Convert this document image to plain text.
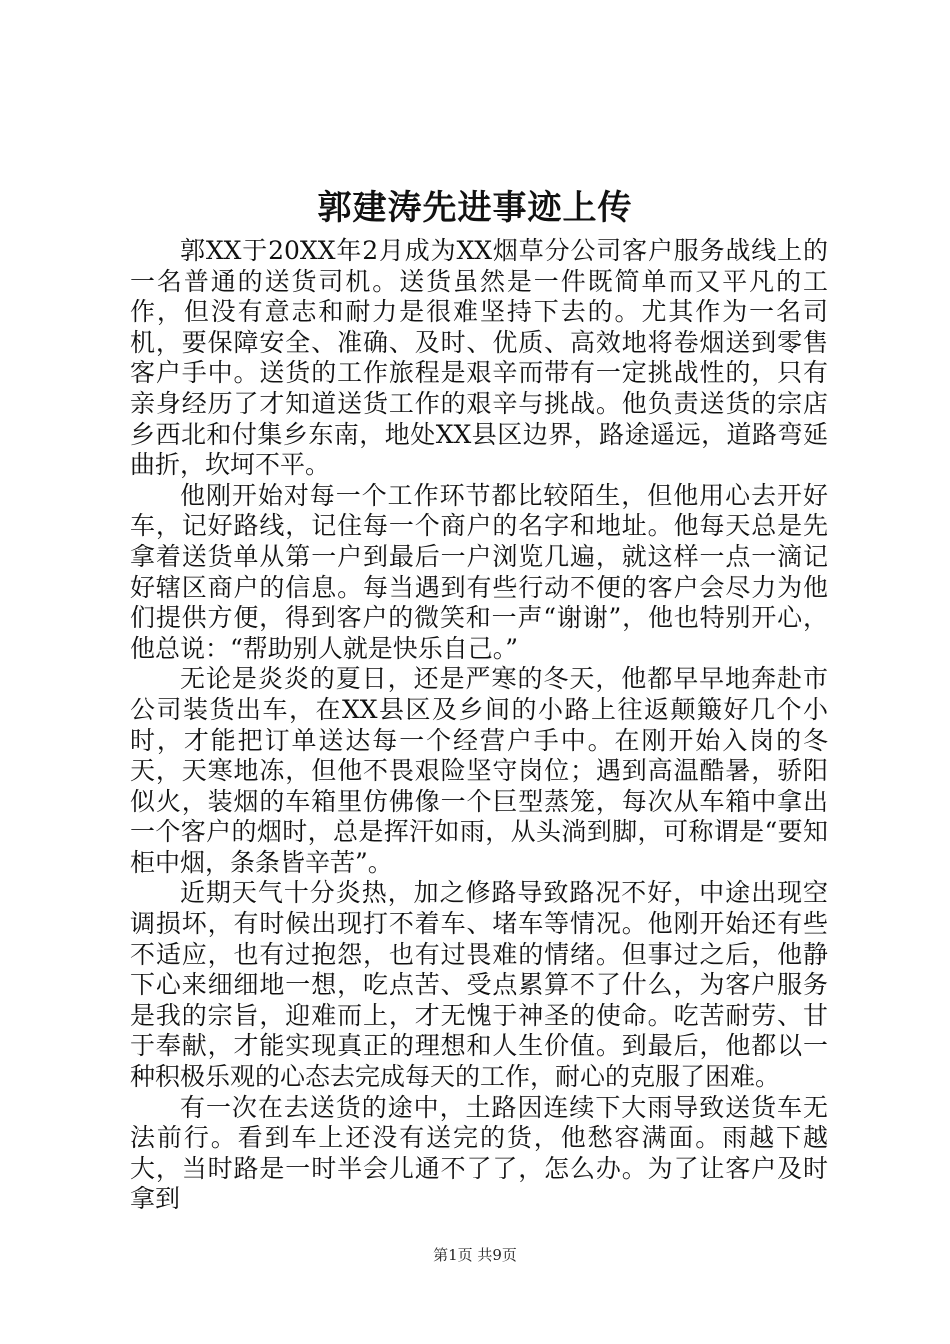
郭建涛先进事迹上传

郭XX于20XX年2月成为XX烟草分公司客户服务战线上的一名普通的送货司机。送货虽然是一件既简单而又平凡的工作，但没有意志和耐力是很难坚持下去的。尤其作为一名司机，要保障安全、准确、及时、优质、高效地将卷烟送到零售客户手中。送货的工作旅程是艰辛而带有一定挑战性的，只有亲身经历了才知道送货工作的艰辛与挑战。他负责送货的宗店乡西北和付集乡东南，地处XX县区边界，路途遥远，道路弯延曲折，坎坷不平。

他刚开始对每一个工作环节都比较陌生，但他用心去开好车，记好路线，记住每一个商户的名字和地址。他每天总是先拿着送货单从第一户到最后一户浏览几遍，就这样一点一滴记好辖区商户的信息。每当遇到有些行动不便的客户会尽力为他们提供方便，得到客户的微笑和一声“谢谢”，他也特别开心，他总说：“帮助别人就是快乐自己。”

无论是炎炎的夏日，还是严寒的冬天，他都早早地奔赴市公司装货出车，在XX县区及乡间的小路上往返颠簸好几个小时，才能把订单送达每一个经营户手中。在刚开始入岗的冬天，天寒地冻，但他不畏艰险坚守岗位；遇到高温酷暑，骄阳似火，装烟的车箱里仿佛像一个巨型蒸笼，每次从车箱中拿出一个客户的烟时，总是挥汗如雨，从头淌到脚，可称谓是“要知柜中烟，条条皆辛苦”。

近期天气十分炎热，加之修路导致路况不好，中途出现空调损坏，有时候出现打不着车、堵车等情况。他刚开始还有些不适应，也有过抱怨，也有过畏难的情绪。但事过之后，他静下心来细细地一想，吃点苦、受点累算不了什么，为客户服务是我的宗旨，迎难而上，才无愧于神圣的使命。吃苦耐劳、甘于奉献，才能实现真正的理想和人生价值。到最后，他都以一种积极乐观的心态去完成每天的工作，耐心的克服了困难。

有一次在去送货的途中，土路因连续下大雨导致送货车无法前行。看到车上还没有送完的货，他愁容满面。雨越下越大，当时路是一时半会儿通不了了，怎么办。为了让客户及时拿到

第1页 共9页
